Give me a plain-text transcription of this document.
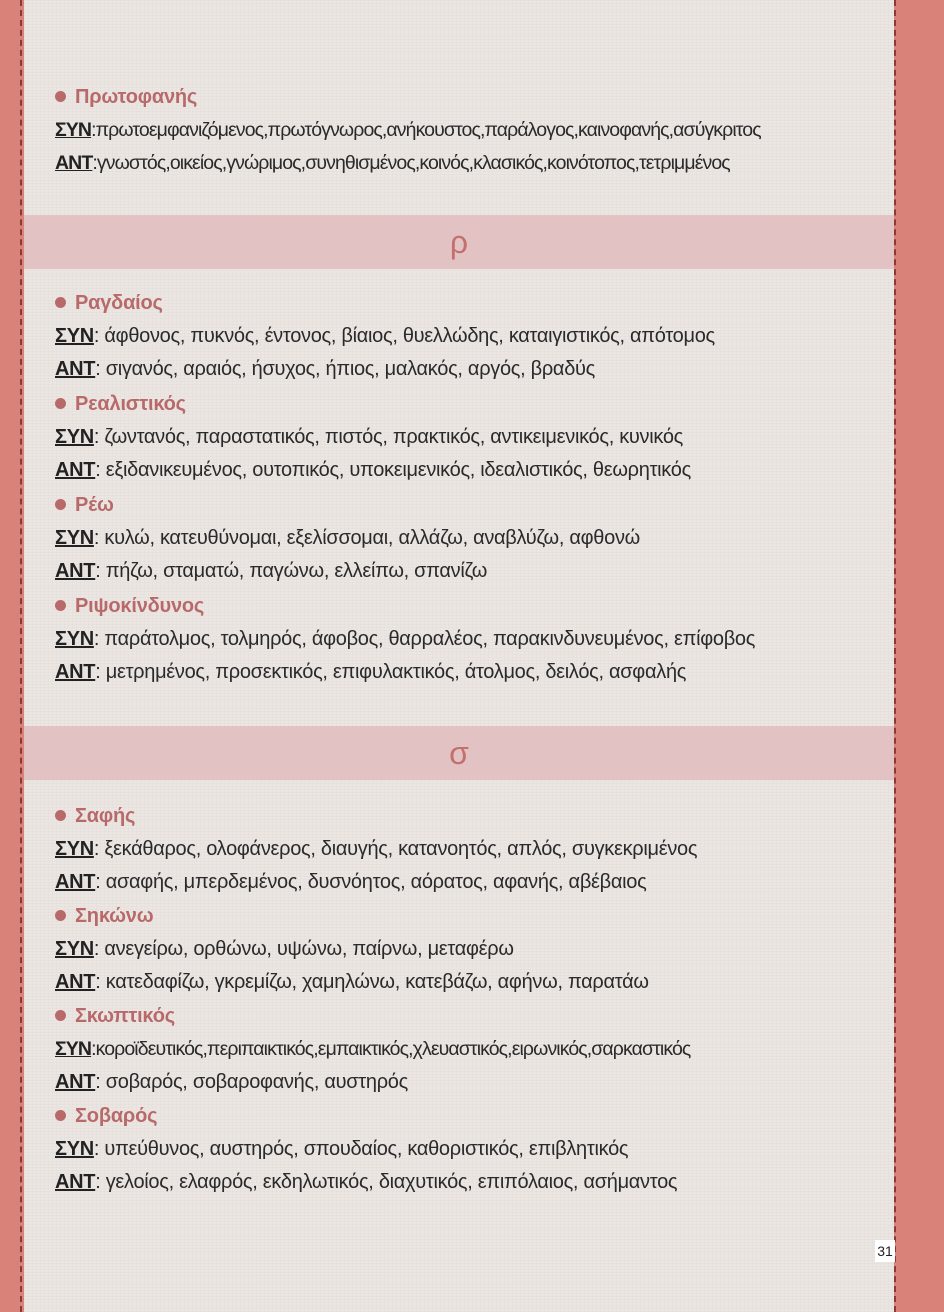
Πρωτοφανής
ΣΥΝ:πρωτοεμφανιζόμενος,πρωτόγνωρος,ανήκουστος,παράλογος,καινοφανής,ασύγκριτος
ΑΝΤ:γνωστός,οικείος,γνώριμος,συνηθισμένος,κοινός,κλασικός,κοινότοπος,τετριμμένος
ρ
Ραγδαίος
ΣΥΝ: άφθονος, πυκνός, έντονος, βίαιος, θυελλώδης, καταιγιστικός, απότομος
ΑΝΤ: σιγανός, αραιός, ήσυχος, ήπιος, μαλακός, αργός, βραδύς
Ρεαλιστικός
ΣΥΝ: ζωντανός, παραστατικός, πιστός, πρακτικός, αντικειμενικός, κυνικός
ΑΝΤ: εξιδανικευμένος, ουτοπικός, υποκειμενικός, ιδεαλιστικός, θεωρητικός
Ρέω
ΣΥΝ: κυλώ, κατευθύνομαι, εξελίσσομαι, αλλάζω, αναβλύζω, αφθονώ
ΑΝΤ: πήζω, σταματώ, παγώνω, ελλείπω, σπανίζω
Ριψοκίνδυνος
ΣΥΝ: παράτολμος, τολμηρός, άφοβος, θαρραλέος, παρακινδυνευμένος, επίφοβος
ΑΝΤ: μετρημένος, προσεκτικός, επιφυλακτικός, άτολμος, δειλός, ασφαλής
σ
Σαφής
ΣΥΝ: ξεκάθαρος, ολοφάνερος, διαυγής, κατανοητός, απλός, συγκεκριμένος
ΑΝΤ: ασαφής, μπερδεμένος, δυσνόητος, αόρατος, αφανής, αβέβαιος
Σηκώνω
ΣΥΝ: ανεγείρω, ορθώνω, υψώνω, παίρνω, μεταφέρω
ΑΝΤ: κατεδαφίζω, γκρεμίζω, χαμηλώνω, κατεβάζω, αφήνω, παρατάω
Σκωπτικός
ΣΥΝ:κοροϊδευτικός,περιπαικτικός,εμπαικτικός,χλευαστικός,ειρωνικός,σαρκαστικός
ΑΝΤ: σοβαρός, σοβαροφανής, αυστηρός
Σοβαρός
ΣΥΝ: υπεύθυνος, αυστηρός, σπουδαίος, καθοριστικός, επιβλητικός
ΑΝΤ: γελοίος, ελαφρός, εκδηλωτικός, διαχυτικός, επιπόλαιος, ασήμαντος
31
